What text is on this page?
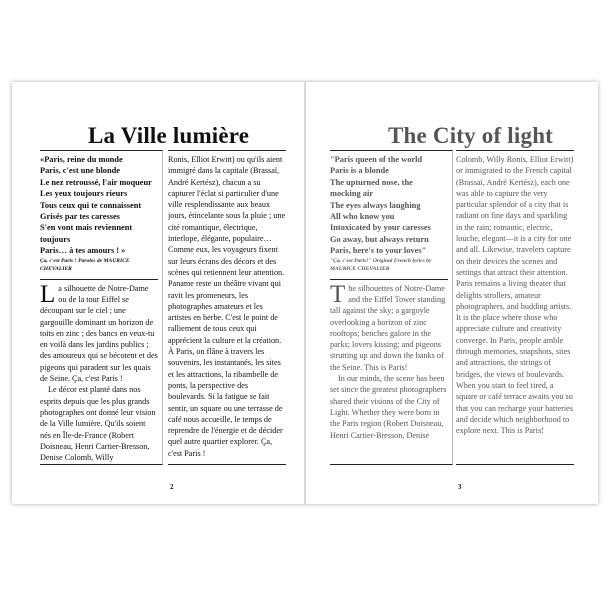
La Ville lumière
«Paris, reine du monde
Paris, c'est une blonde
Le nez retroussé, l'air moqueur
Les yeux toujours rieurs
Tous ceux qui te connaissent
Grisés par tes caresses
S'en vont mais reviennent
toujours
Paris… à tes amours ! »
Ça, c'est Paris ! Paroles de MAURICE CHEVALIER

La silhouette de Notre-Dame ou de la tour Eiffel se découpant sur le ciel ; une gargouille dominant un horizon de toits en zinc ; des bancs en veux-tu en voilà dans les jardins publics ; des amoureux qui se bécotent et des pigeons qui paradent sur les quais de Seine. Ça, c'est Paris !

Le décor est planté dans nos esprits depuis que les plus grands photographes ont donné leur vision de la Ville lumière. Qu'ils soient nés en Île-de-France (Robert Doisneau, Henri Cartier-Bresson, Denise Colomb, Willy

Ronis, Elliot Erwitt) ou qu'ils aient immigré dans la capitale (Brassaï, André Kertész), chacun a su capturer l'éclat si particulier d'une ville resplendissante aux beaux jours, étincelante sous la pluie ; une cité romantique, électrique, interlope, élégante, populaire… Comme eux, les voyageurs fixent sur leurs écrans des décors et des scènes qui retiennent leur attention. Paname reste un théâtre vivant qui ravit les promeneurs, les photographes amateurs et les artistes en herbe. C'est le point de ralliement de tous ceux qui apprécient la culture et la création. À Paris, on flâne à travers les souvenirs, les instantanés, les sites et les attractions, la ribambelle de ponts, la perspective des boulevards. Si la fatigue se fait sentir, un square ou une terrasse de café nous accueille, le temps de reprendre de l'énergie et de décider quel autre quartier explorer. Ça, c'est Paris !

2
The City of light
"Paris queen of the world
Paris is a blonde
The upturned nose, the
mocking air
The eyes always laughing
All who know you
Intoxicated by your caresses
Go away, but always return
Paris, here's to your loves"
"Ça, c'est Paris!" Original French lyrics by MAURICE CHEVALIER

The silhouettes of Notre-Dame and the Eiffel Tower standing tall against the sky; a gargoyle overlooking a horizon of zinc rooftops; benches galore in the parks; lovers kissing; and pigeons strutting up and down the banks of the Seine. This is Paris!

In our minds, the scene has been set since the greatest photographers shared their visions of the City of Light. Whether they were born in the Paris region (Robert Doisneau, Henri Cartier-Bresson, Denise

Colomb, Willy Ronis, Elliot Erwitt) or immigrated to the French capital (Brassaï, André Kertész), each one was able to capture the very particular splendor of a city that is radiant on fine days and sparkling in the rain; romantic, electric, louche, elegant—it is a city for one and all. Likewise, travelers capture on their devices the scenes and settings that attract their attention. Paris remains a living theater that delights strollers, amateur photographers, and budding artists. It is the place where those who appreciate culture and creativity converge. In Paris, people amble through memories, snapshots, sites and attractions, the strings of bridges, the views of boulevards. When you start to feel tired, a square or café terrace awaits you so that you can recharge your batteries and decide which neighborhood to explore next. This is Paris!

3
